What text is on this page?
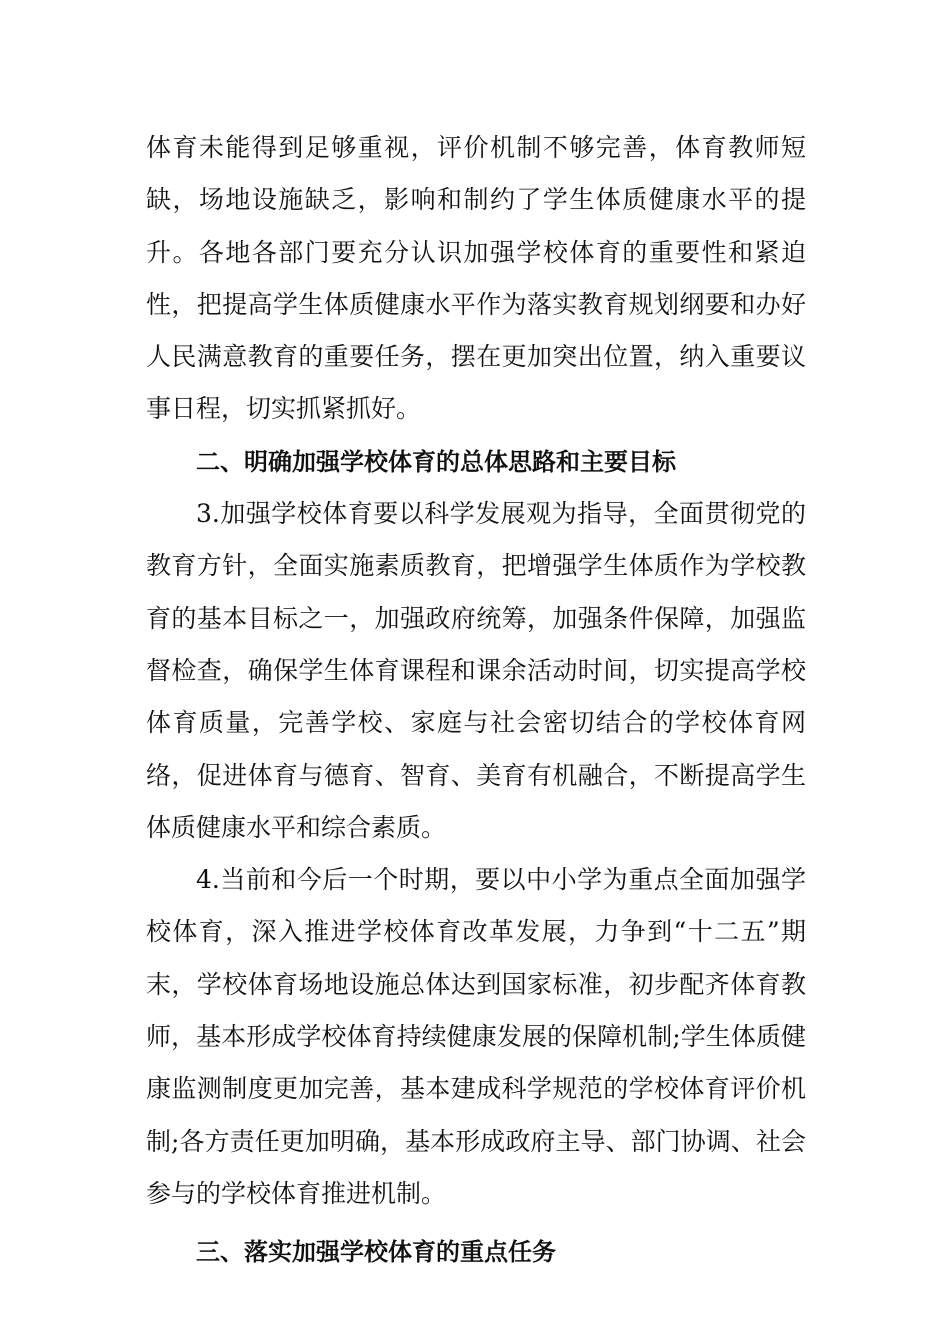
体育未能得到足够重视，评价机制不够完善，体育教师短缺，场地设施缺乏，影响和制约了学生体质健康水平的提升。各地各部门要充分认识加强学校体育的重要性和紧迫性，把提高学生体质健康水平作为落实教育规划纲要和办好人民满意教育的重要任务，摆在更加突出位置，纳入重要议事日程，切实抓紧抓好。

二、明确加强学校体育的总体思路和主要目标

3.加强学校体育要以科学发展观为指导，全面贯彻党的教育方针，全面实施素质教育，把增强学生体质作为学校教育的基本目标之一，加强政府统筹，加强条件保障，加强监督检查，确保学生体育课程和课余活动时间，切实提高学校体育质量，完善学校、家庭与社会密切结合的学校体育网络，促进体育与德育、智育、美育有机融合，不断提高学生体质健康水平和综合素质。

4.当前和今后一个时期，要以中小学为重点全面加强学校体育，深入推进学校体育改革发展，力争到“十二五”期末，学校体育场地设施总体达到国家标准，初步配齐体育教师，基本形成学校体育持续健康发展的保障机制;学生体质健康监测制度更加完善，基本建成科学规范的学校体育评价机制;各方责任更加明确，基本形成政府主导、部门协调、社会参与的学校体育推进机制。

三、落实加强学校体育的重点任务
